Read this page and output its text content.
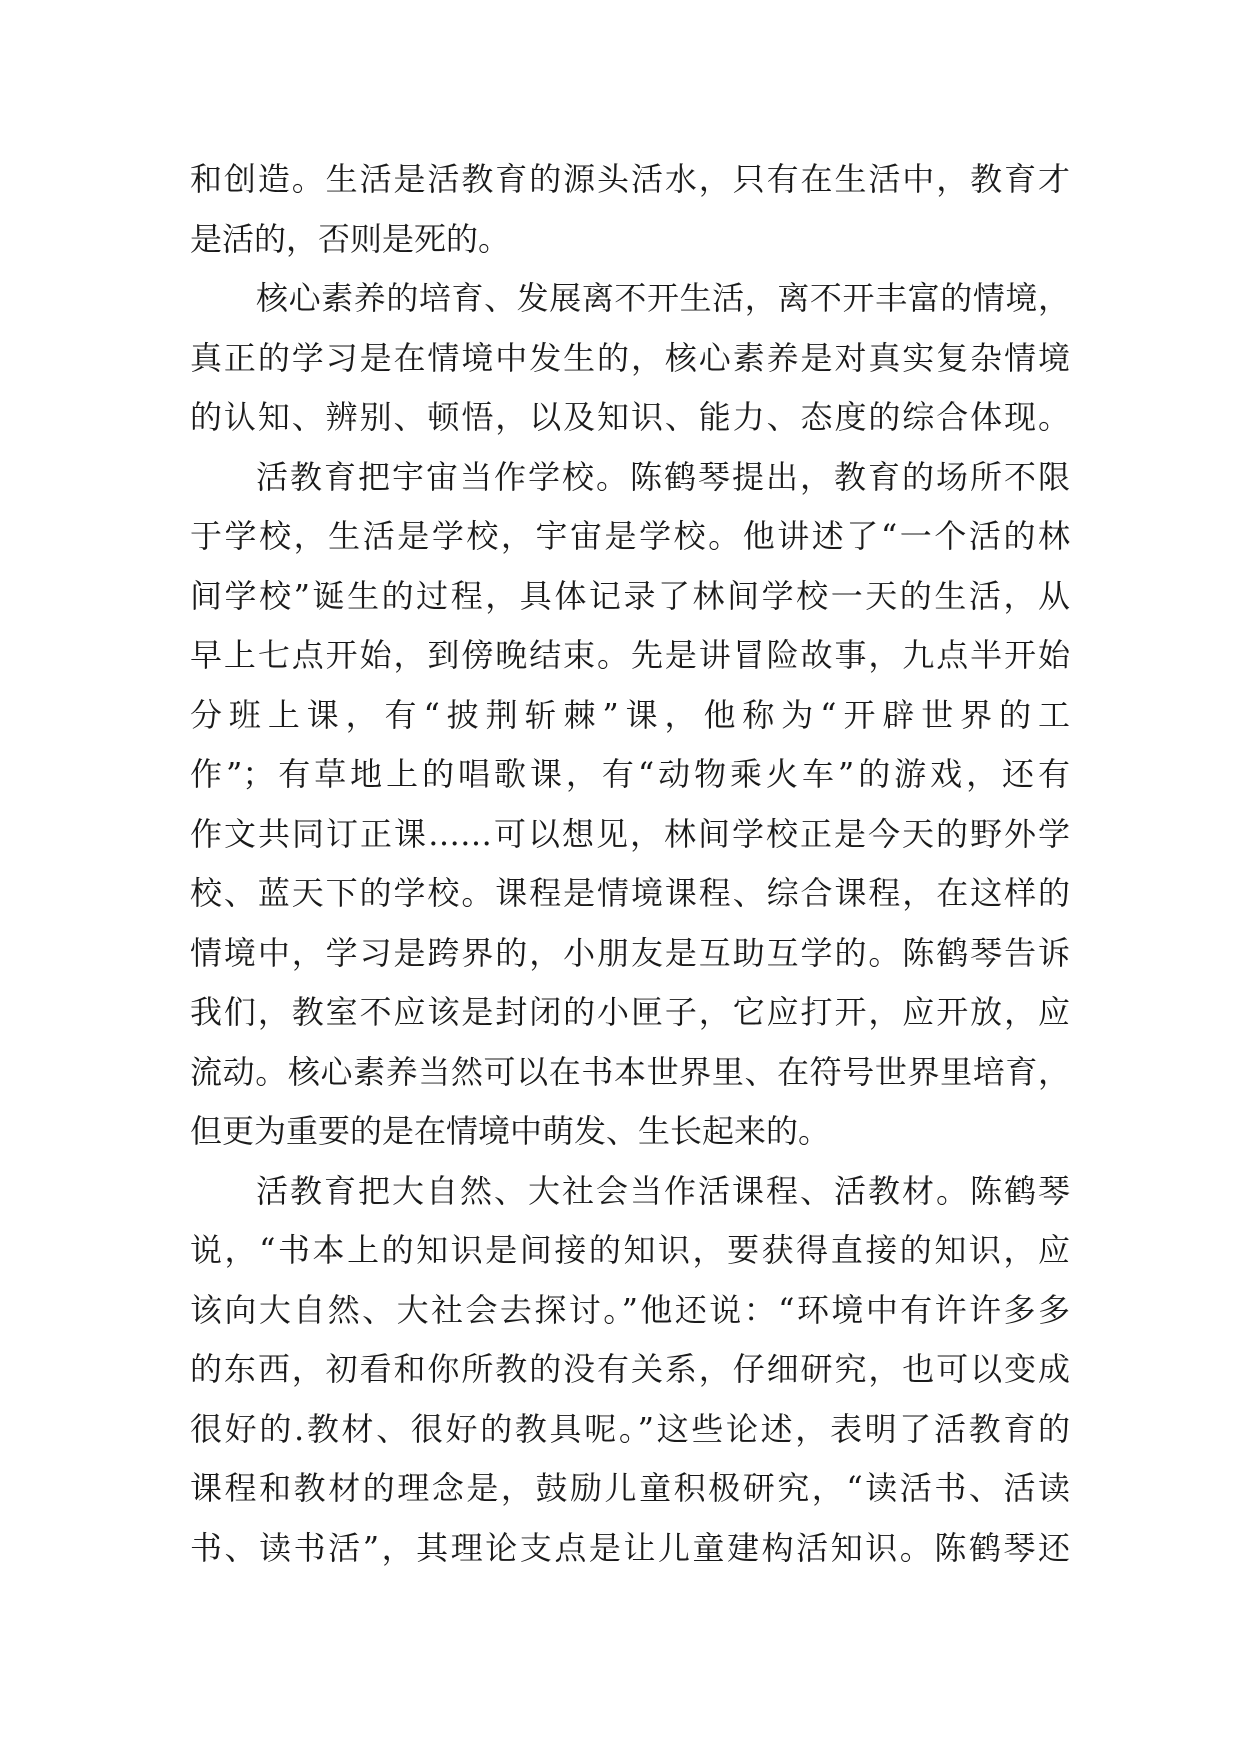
和创造。生活是活教育的源头活水，只有在生活中，教育才
是活的，否则是死的。
核心素养的培育、发展离不开生活，离不开丰富的情境，
真正的学习是在情境中发生的，核心素养是对真实复杂情境
的认知、辨别、顿悟，以及知识、能力、态度的综合体现。
活教育把宇宙当作学校。陈鹤琴提出，教育的场所不限
于学校，生活是学校，宇宙是学校。他讲述了“一个活的林
间学校”诞生的过程，具体记录了林间学校一天的生活，从
早上七点开始，到傍晚结束。先是讲冒险故事，九点半开始
分班上课，有“披荆斩棘”课，他称为“开辟世界的工
作”；有草地上的唱歌课，有“动物乘火车”的游戏，还有
作文共同订正课……可以想见，林间学校正是今天的野外学
校、蓝天下的学校。课程是情境课程、综合课程，在这样的
情境中，学习是跨界的，小朋友是互助互学的。陈鹤琴告诉
我们，教室不应该是封闭的小匣子，它应打开，应开放，应
流动。核心素养当然可以在书本世界里、在符号世界里培育，
但更为重要的是在情境中萌发、生长起来的。
活教育把大自然、大社会当作活课程、活教材。陈鹤琴
说，“书本上的知识是间接的知识，要获得直接的知识，应
该向大自然、大社会去探讨。”他还说：“环境中有许许多多
的东西，初看和你所教的没有关系，仔细研究，也可以变成
很好的.教材、很好的教具呢。”这些论述，表明了活教育的
课程和教材的理念是，鼓励儿童积极研究，“读活书、活读
书、读书活”，其理论支点是让儿童建构活知识。陈鹤琴还
